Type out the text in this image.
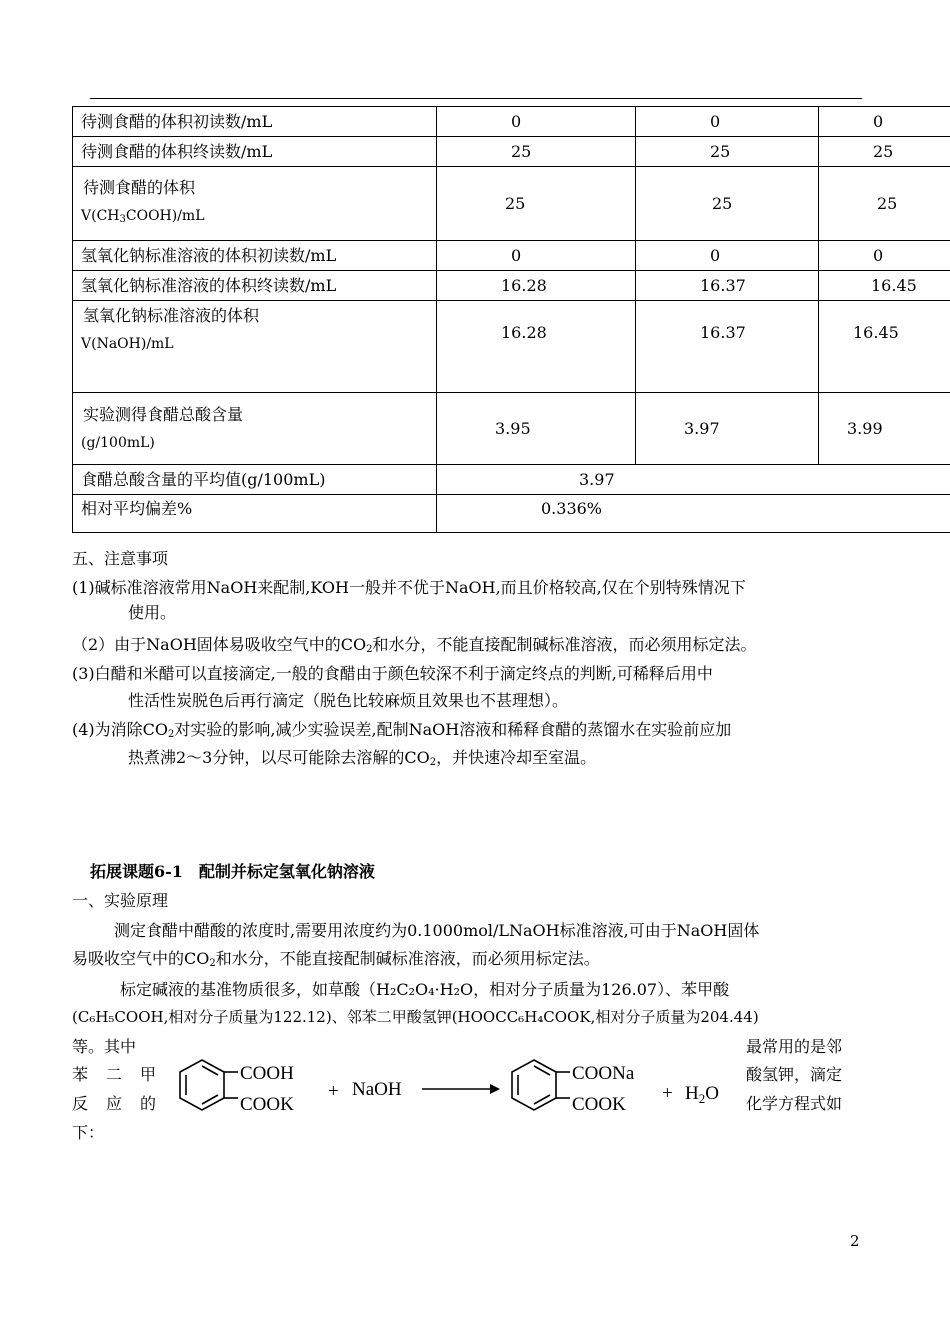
待测食醋的体积初读数/mL	0	0	0
待测食醋的体积终读数/mL	25	25	25

待测食醋的体积
$V(CH_3COOH)/mL$	25	25	25
氢氧化钠标准溶液的体积初读数/mL	0	0	0
氢氧化钠标准溶液的体积终读数/mL	16.28	16.37	16.45

氢氧化钠标准溶液的体积
V(NaOH)/mL	16.28	16.37	16.45

实验测得食醋总酸含量
(g/100mL)	3.95	3.97	3.99
食醋总酸含量的平均值(g/100mL)	3.97		
相对平均偏差%	0.336%		
五、注意事项
(1)碱标准溶液常用NaOH来配制,KOH一般并不优于NaOH,而且价格较高,仅在个别特殊情况下
使用。
（2）由于NaOH固体易吸收空气中的$CO_2$和水分，不能直接配制碱标准溶液，而必须用标定法。
(3)白醋和米醋可以直接滴定,一般的食醋由于颜色较深不利于滴定终点的判断,可稀释后用中
性活性炭脱色后再行滴定（脱色比较麻烦且效果也不甚理想）。
(4)为消除$CO_2$对实验的影响,减少实验误差,配制NaOH溶液和稀释食醋的蒸馏水在实验前应加
热煮沸2～3分钟，以尽可能除去溶解的$CO_2$，并快速冷却至室温。
拓展课题6-1　配制并标定氢氧化钠溶液
一、实验原理
测定食醋中醋酸的浓度时,需要用浓度约为0.1000mol/LNaOH标准溶液,可由于NaOH固体
易吸收空气中的$CO_2$和水分，不能直接配制碱标准溶液，而必须用标定法。
标定碱液的基准物质很多，如草酸（H₂C₂O₄·H₂O，相对分子质量为126.07）、苯甲酸
(C₆H₅COOH,相对分子质量为122.12)、邻苯二甲酸氢钾(HOOCC₆H₄COOK,相对分子质量为204.44)
等。其中
苯　二　甲
反　应　的
下：
最常用的是邻
酸氢钾，滴定
化学方程式如
COOH
COOK
+ NaOH
COONa
COOK
+ $H_2O$
2
